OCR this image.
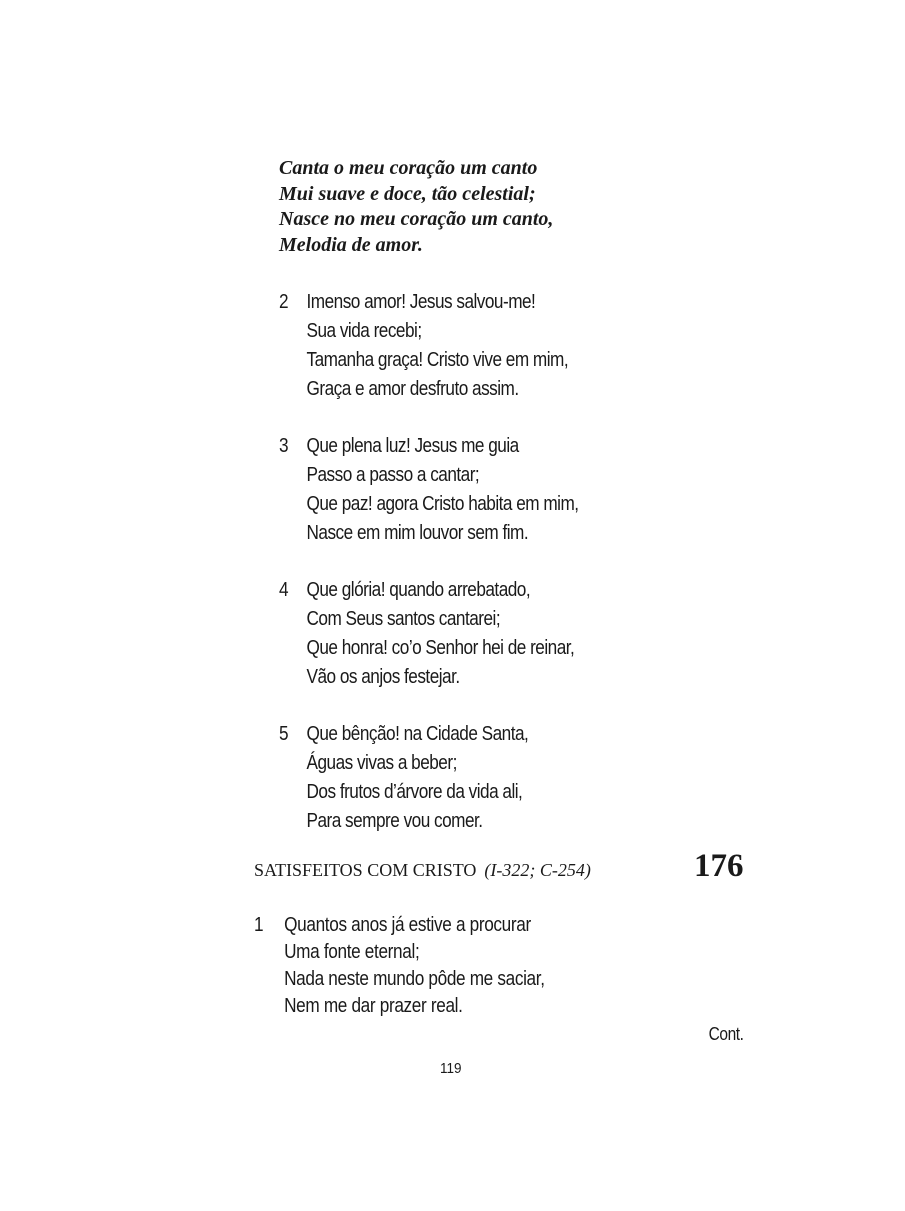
Canta o meu coração um canto
Mui suave e doce, tão celestial;
Nasce no meu coração um canto,
Melodia de amor.
2 Imenso amor! Jesus salvou-me!
Sua vida recebi;
Tamanha graça! Cristo vive em mim,
Graça e amor desfruto assim.
3 Que plena luz! Jesus me guia
Passo a passo a cantar;
Que paz! agora Cristo habita em mim,
Nasce em mim louvor sem fim.
4 Que glória! quando arrebatado,
Com Seus santos cantarei;
Que honra! co’o Senhor hei de reinar,
Vão os anjos festejar.
5 Que bênção! na Cidade Santa,
Águas vivas a beber;
Dos frutos d’árvore da vida ali,
Para sempre vou comer.
SATISFEITOS COM CRISTO (I-322; C-254)	176
1 Quantos anos já estive a procurar
Uma fonte eternal;
Nada neste mundo pôde me saciar,
Nem me dar prazer real.
Cont.
119
